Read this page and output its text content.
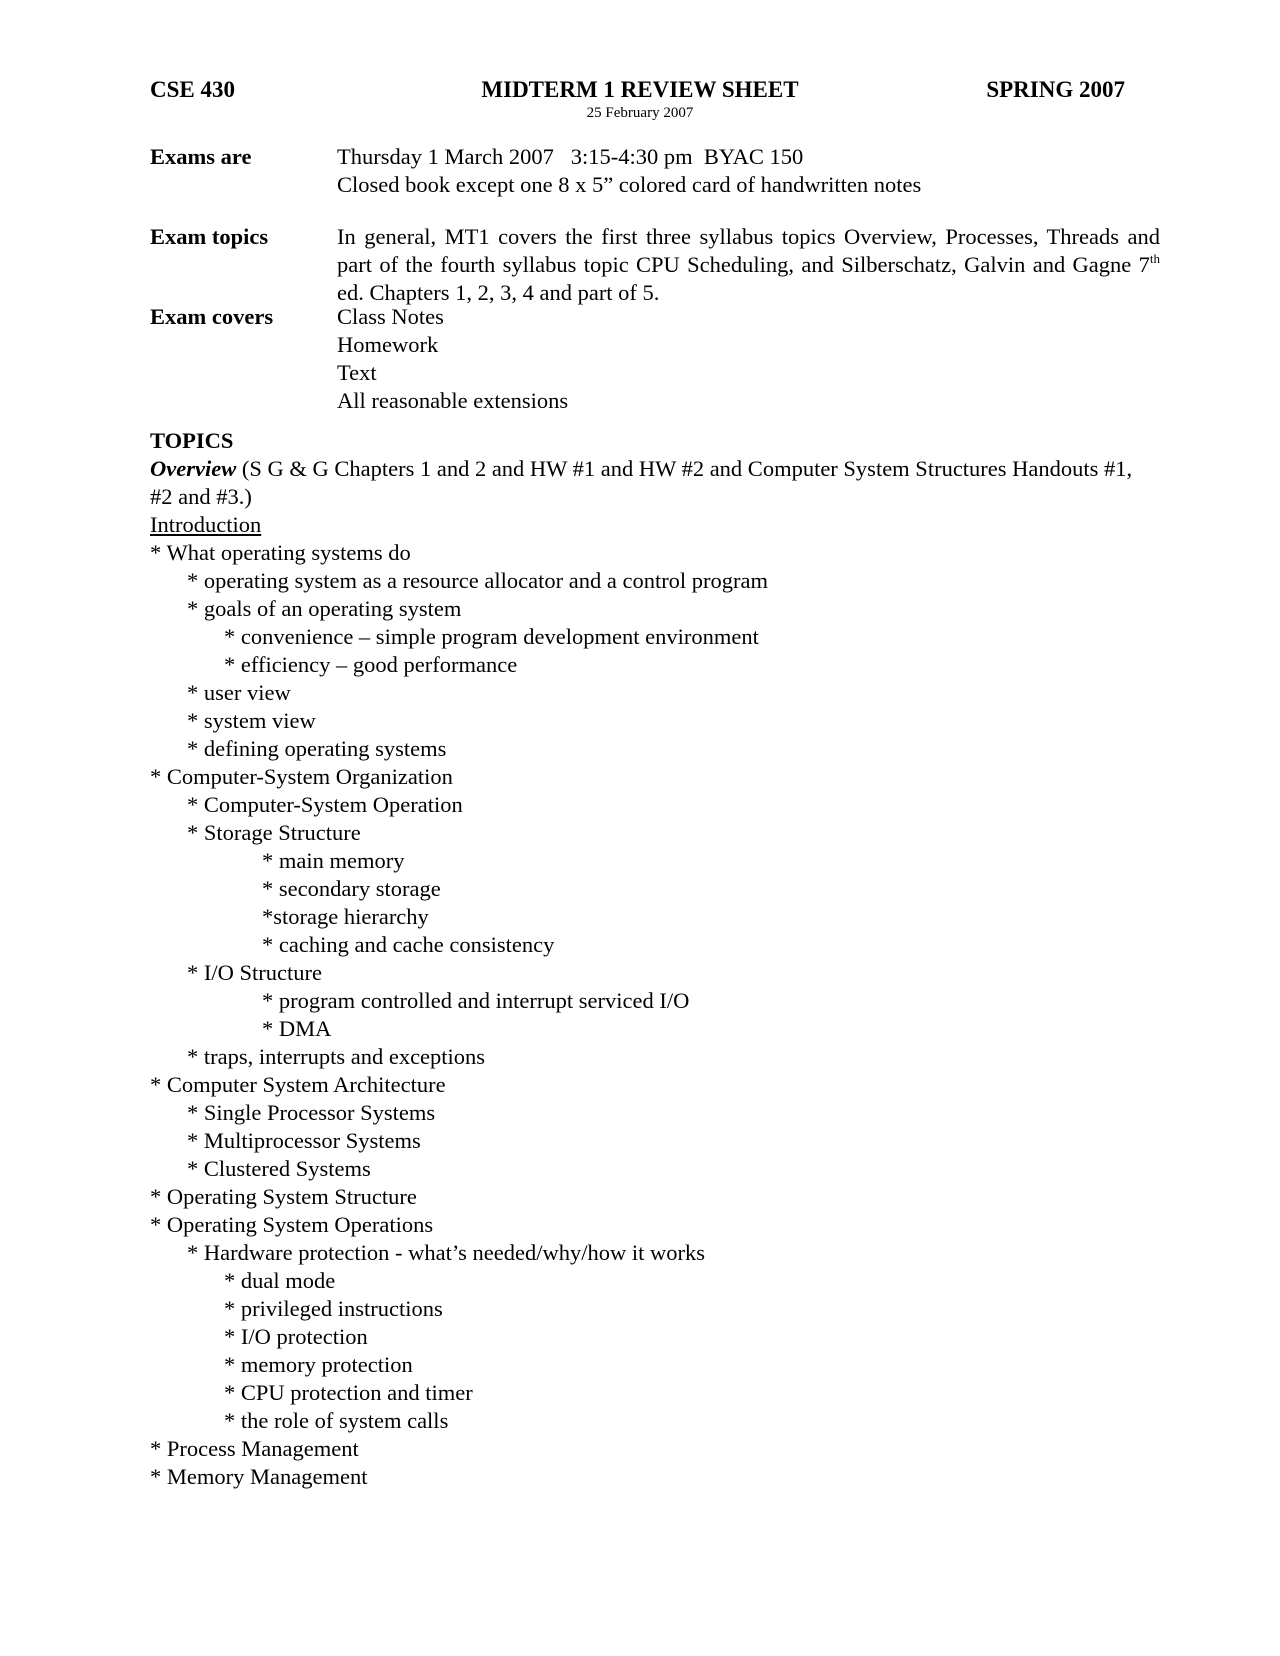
CSE 430	MIDTERM 1 REVIEW SHEET	SPRING 2007
25 February 2007
Exams are	Thursday 1 March 2007   3:15-4:30 pm  BYAC 150
Closed book except one 8 x 5” colored card of handwritten notes
Exam topics	In general, MT1 covers the first three syllabus topics Overview, Processes, Threads and part of the fourth syllabus topic CPU Scheduling, and Silberschatz, Galvin and Gagne 7th ed. Chapters 1, 2, 3, 4 and part of 5.
Exam covers	Class Notes
Homework
Text
All reasonable extensions
TOPICS
Overview (S G & G Chapters 1 and 2 and HW #1 and HW #2 and Computer System Structures Handouts #1, #2 and #3.)
Introduction
* What operating systems do
* operating system as a resource allocator and a control program
* goals of an operating system
* convenience – simple program development environment
* efficiency – good performance
* user view
* system view
* defining operating systems
* Computer-System Organization
* Computer-System Operation
* Storage Structure
* main memory
* secondary storage
*storage hierarchy
* caching and cache consistency
* I/O Structure
* program controlled and interrupt serviced I/O
* DMA
* traps, interrupts and exceptions
* Computer System Architecture
* Single Processor Systems
* Multiprocessor Systems
* Clustered Systems
* Operating System Structure
* Operating System Operations
* Hardware protection - what’s needed/why/how it works
* dual mode
* privileged instructions
* I/O protection
* memory protection
* CPU protection and timer
* the role of system calls
* Process Management
* Memory Management
